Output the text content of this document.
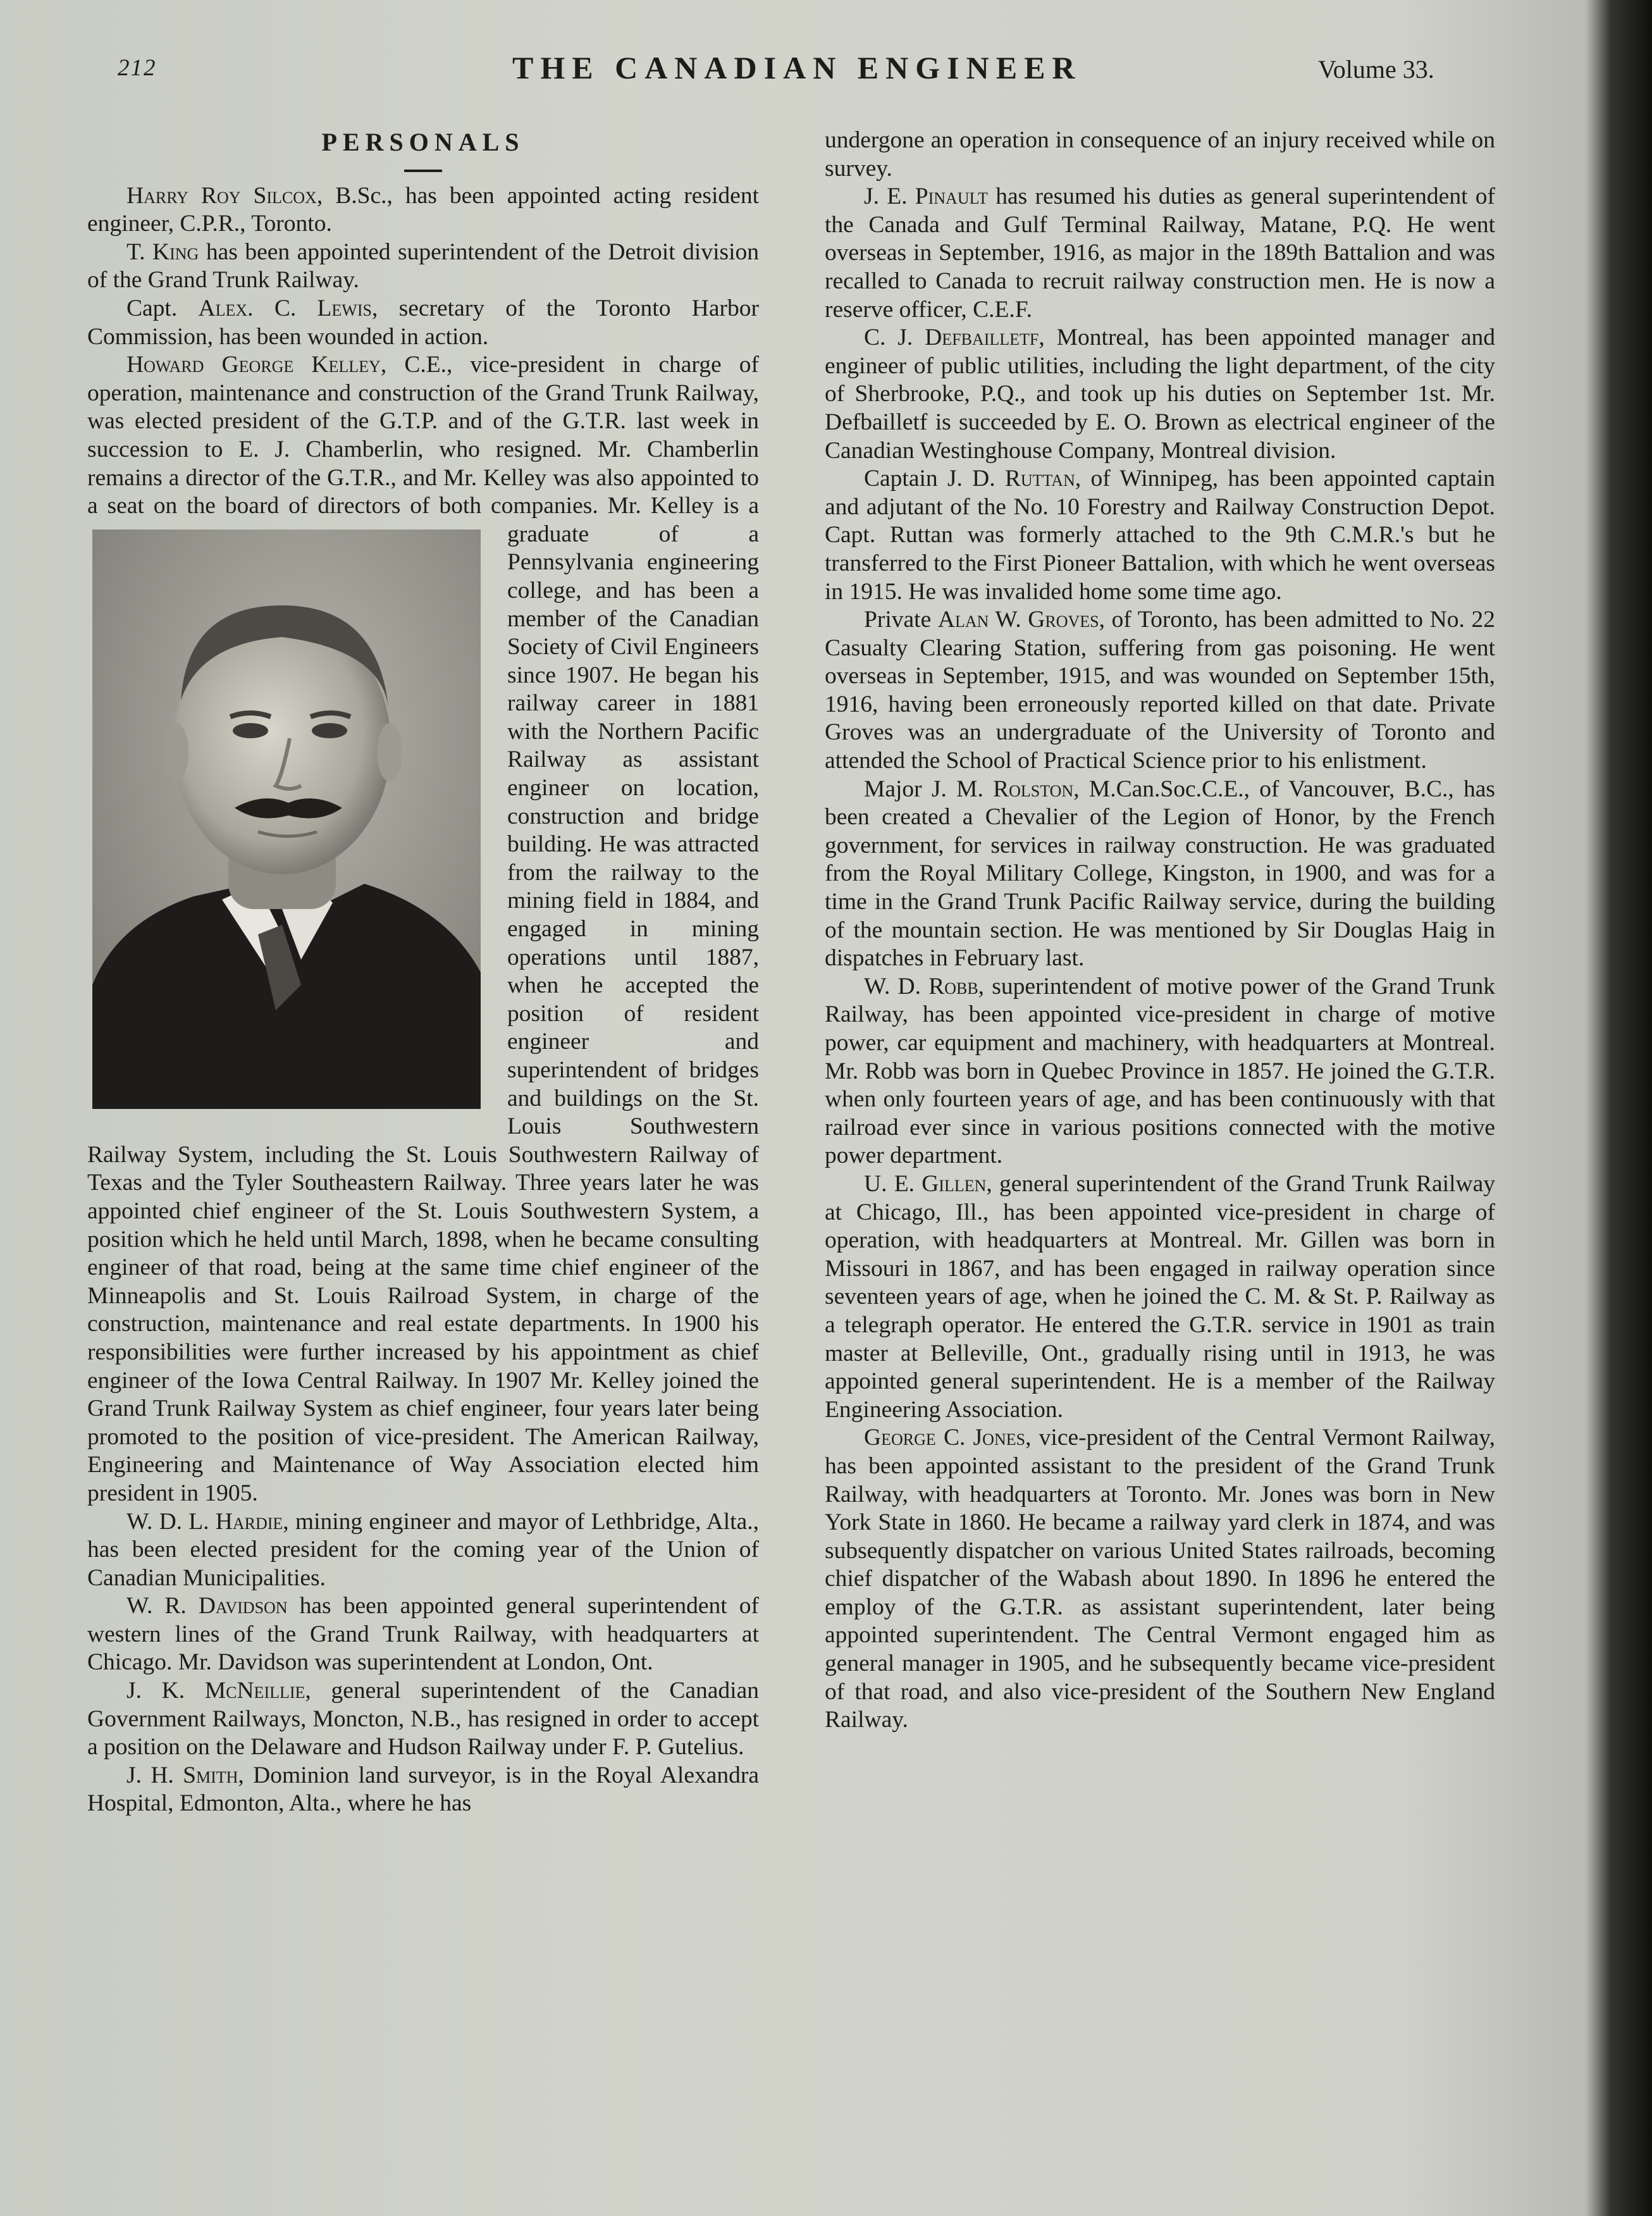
212	THE CANADIAN ENGINEER	Volume 33.
PERSONALS

Harry Roy Silcox, B.Sc., has been appointed acting resident engineer, C.P.R., Toronto.

T. King has been appointed superintendent of the Detroit division of the Grand Trunk Railway.

Capt. Alex. C. Lewis, secretary of the Toronto Harbor Commission, has been wounded in action.

Howard George Kelley, C.E., vice-president in charge of operation, maintenance and construction of the Grand Trunk Railway, was elected president of the G.T.P. and of the G.T.R. last week in succession to E. J. Chamberlin, who resigned. Mr. Chamberlin remains a director of the G.T.R., and Mr. Kelley was also appointed to a seat on the board of directors of both companies.
Mr. Kelley is a graduate of a Pennsylvania engineering college, and has been a member of the Canadian Society of Civil Engineers since 1907. He began his railway career in 1881 with the Northern Pacific Railway as assistant engineer on location, construction and bridge building. He was attracted from the railway to the mining field in 1884, and engaged in mining operations until 1887, when he accepted the position of resident engineer and superintendent of bridges and buildings on the St. Louis Southwestern Railway System, including the St. Louis Southwestern Railway of Texas and the Tyler Southeastern Railway. Three years later he was appointed chief engineer of the St. Louis Southwestern System, a position which he held until March, 1898, when he became consulting engineer of that road, being at the same time chief engineer of the Minneapolis and St. Louis Railroad System, in charge of the construction, maintenance and real estate departments. In 1900 his responsibilities were further increased by his appointment as chief engineer of the Iowa Central Railway. In 1907 Mr. Kelley joined the Grand Trunk Railway System as chief engineer, four years later being promoted to the position of vice-president. The American Railway, Engineering and Maintenance of Way Association elected him president in 1905.

W. D. L. Hardie, mining engineer and mayor of Lethbridge, Alta., has been elected president for the coming year of the Union of Canadian Municipalities.

W. R. Davidson has been appointed general superintendent of western lines of the Grand Trunk Railway, with headquarters at Chicago. Mr. Davidson was superintendent at London, Ont.

J. K. McNeillie, general superintendent of the Canadian Government Railways, Moncton, N.B., has resigned in order to accept a position on the Delaware and Hudson Railway under F. P. Gutelius.

J. H. Smith, Dominion land surveyor, is in the Royal Alexandra Hospital, Edmonton, Alta., where he has

undergone an operation in consequence of an injury received while on survey.

J. E. Pinault has resumed his duties as general superintendent of the Canada and Gulf Terminal Railway, Matane, P.Q. He went overseas in September, 1916, as major in the 189th Battalion and was recalled to Canada to recruit railway construction men. He is now a reserve officer, C.E.F.

C. J. Defbailletf, Montreal, has been appointed manager and engineer of public utilities, including the light department, of the city of Sherbrooke, P.Q., and took up his duties on September 1st. Mr. Defbailletf is succeeded by E. O. Brown as electrical engineer of the Canadian Westinghouse Company, Montreal division.

Captain J. D. Ruttan, of Winnipeg, has been appointed captain and adjutant of the No. 10 Forestry and Railway Construction Depot. Capt. Ruttan was formerly attached to the 9th C.M.R.'s but he transferred to the First Pioneer Battalion, with which he went overseas in 1915. He was invalided home some time ago.

Private Alan W. Groves, of Toronto, has been admitted to No. 22 Casualty Clearing Station, suffering from gas poisoning. He went overseas in September, 1915, and was wounded on September 15th, 1916, having been erroneously reported killed on that date. Private Groves was an undergraduate of the University of Toronto and attended the School of Practical Science prior to his enlistment.

Major J. M. Rolston, M.Can.Soc.C.E., of Vancouver, B.C., has been created a Chevalier of the Legion of Honor, by the French government, for services in railway construction. He was graduated from the Royal Military College, Kingston, in 1900, and was for a time in the Grand Trunk Pacific Railway service, during the building of the mountain section. He was mentioned by Sir Douglas Haig in dispatches in February last.

W. D. Robb, superintendent of motive power of the Grand Trunk Railway, has been appointed vice-president in charge of motive power, car equipment and machinery, with headquarters at Montreal. Mr. Robb was born in Quebec Province in 1857. He joined the G.T.R. when only fourteen years of age, and has been continuously with that railroad ever since in various positions connected with the motive power department.

U. E. Gillen, general superintendent of the Grand Trunk Railway at Chicago, Ill., has been appointed vice-president in charge of operation, with headquarters at Montreal. Mr. Gillen was born in Missouri in 1867, and has been engaged in railway operation since seventeen years of age, when he joined the C. M. & St. P. Railway as a telegraph operator. He entered the G.T.R. service in 1901 as train master at Belleville, Ont., gradually rising until in 1913, he was appointed general superintendent. He is a member of the Railway Engineering Association.

George C. Jones, vice-president of the Central Vermont Railway, has been appointed assistant to the president of the Grand Trunk Railway, with headquarters at Toronto. Mr. Jones was born in New York State in 1860. He became a railway yard clerk in 1874, and was subsequently dispatcher on various United States railroads, becoming chief dispatcher of the Wabash about 1890. In 1896 he entered the employ of the G.T.R. as assistant superintendent, later being appointed superintendent. The Central Vermont engaged him as general manager in 1905, and he subsequently became vice-president of that road, and also vice-president of the Southern New England Railway.
